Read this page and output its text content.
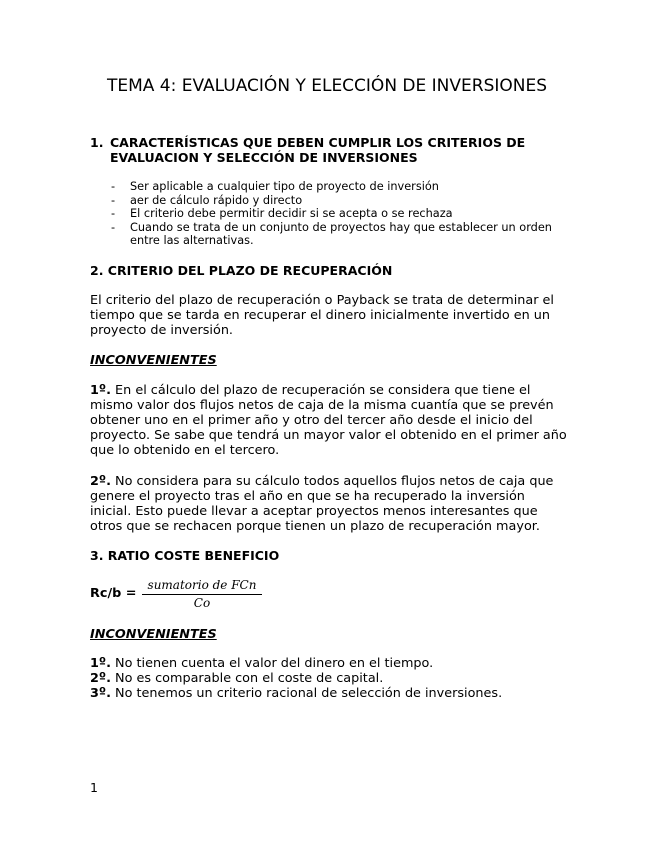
TEMA 4: EVALUACIÓN Y ELECCIÓN DE INVERSIONES
1. CARACTERÍSTICAS QUE DEBEN CUMPLIR LOS CRITERIOS DE EVALUACION Y SELECCIÓN DE INVERSIONES
- Ser aplicable a cualquier tipo de proyecto de inversión
- aer de cálculo rápido y directo
- El criterio debe permitir decidir si se acepta o se rechaza
- Cuando se trata de un conjunto de proyectos hay que establecer un orden entre las alternativas.
2. CRITERIO DEL PLAZO DE RECUPERACIÓN

El criterio del plazo de recuperación o Payback se trata de determinar el tiempo que se tarda en recuperar el dinero inicialmente invertido en un proyecto de inversión.

INCONVENIENTES

1º. En el cálculo del plazo de recuperación se considera que tiene el mismo valor dos flujos netos de caja de la misma cuantía que se prevén obtener uno en el primer año y otro del tercer año desde el inicio del proyecto. Se sabe que tendrá un mayor valor el obtenido en el primer año que lo obtenido en el tercero.

2º. No considera para su cálculo todos aquellos flujos netos de caja que genere el proyecto tras el año en que se ha recuperado la inversión inicial. Esto puede llevar a aceptar proyectos menos interesantes que otros que se rechacen porque tienen un plazo de recuperación mayor.

3. RATIO COSTE BENEFICIO
Rc/b =
sumatorio de FCn
Co

INCONVENIENTES

1º. No tienen cuenta el valor del dinero en el tiempo.
2º. No es comparable con el coste de capital.
3º. No tenemos un criterio racional de selección de inversiones.
1
